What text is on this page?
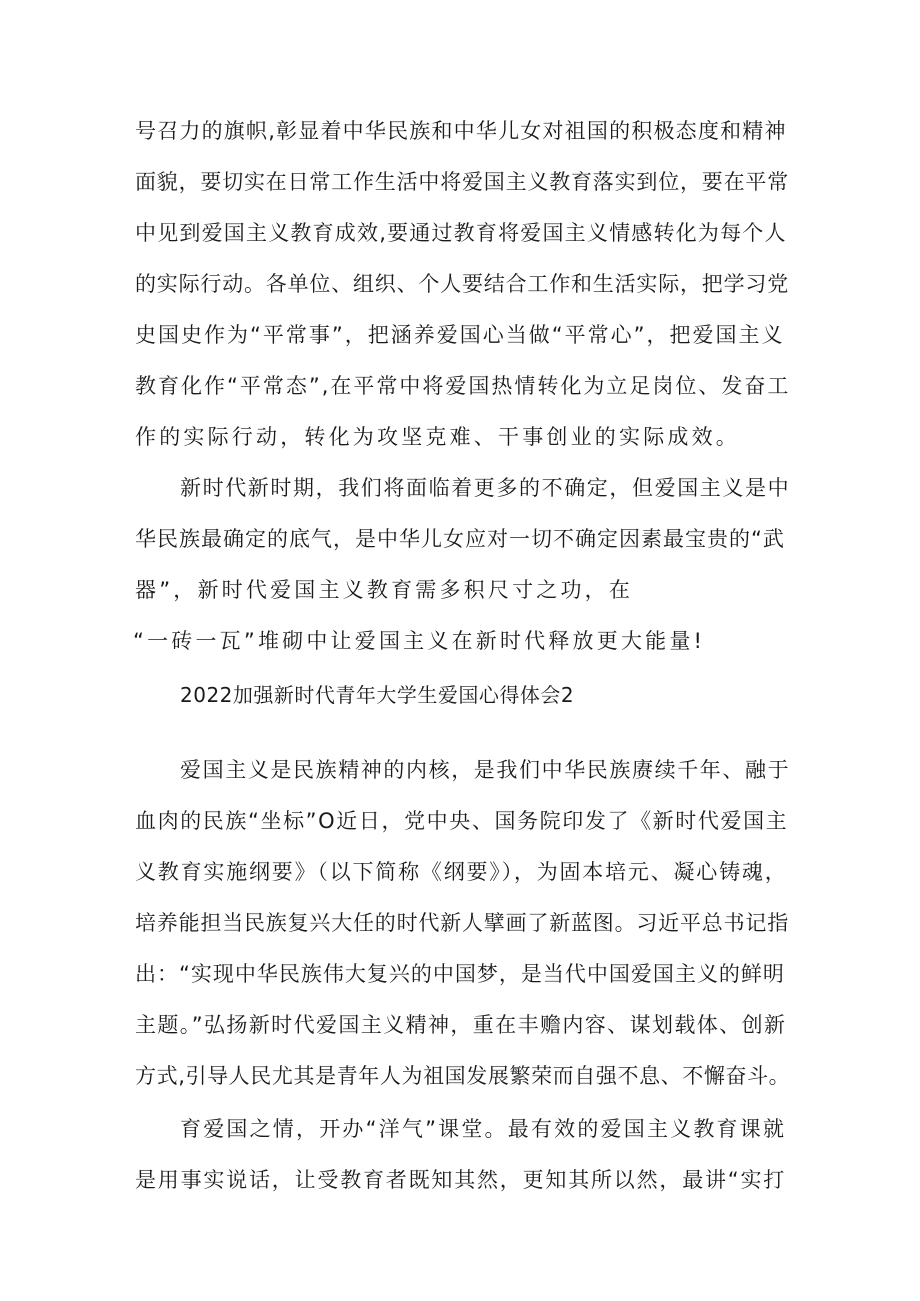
号召力的旗帜,彰显着中华民族和中华儿女对祖国的积极态度和精神
面貌，要切实在日常工作生活中将爱国主义教育落实到位，要在平常
中见到爱国主义教育成效,要通过教育将爱国主义情感转化为每个人
的实际行动。各单位、组织、个人要结合工作和生活实际，把学习党
史国史作为“平常事”，把涵养爱国心当做“平常心”，把爱国主义
教育化作“平常态”,在平常中将爱国热情转化为立足岗位、发奋工
作的实际行动，转化为攻坚克难、干事创业的实际成效。
新时代新时期，我们将面临着更多的不确定，但爱国主义是中
华民族最确定的底气，是中华儿女应对一切不确定因素最宝贵的“武
器”，新时代爱国主义教育需多积尺寸之功，在
“一砖一瓦”堆砌中让爱国主义在新时代释放更大能量!
2022加强新时代青年大学生爱国心得体会2
爱国主义是民族精神的内核，是我们中华民族赓续千年、融于
血肉的民族“坐标”O近日，党中央、国务院印发了《新时代爱国主
义教育实施纲要》（以下简称《纲要》），为固本培元、凝心铸魂，
培养能担当民族复兴大任的时代新人擘画了新蓝图。习近平总书记指
出：“实现中华民族伟大复兴的中国梦，是当代中国爱国主义的鲜明
主题。”弘扬新时代爱国主义精神，重在丰赡内容、谋划载体、创新
方式,引导人民尤其是青年人为祖国发展繁荣而自强不息、不懈奋斗。
育爱国之情，开办“洋气”课堂。最有效的爱国主义教育课就
是用事实说话，让受教育者既知其然，更知其所以然，最讲“实打
